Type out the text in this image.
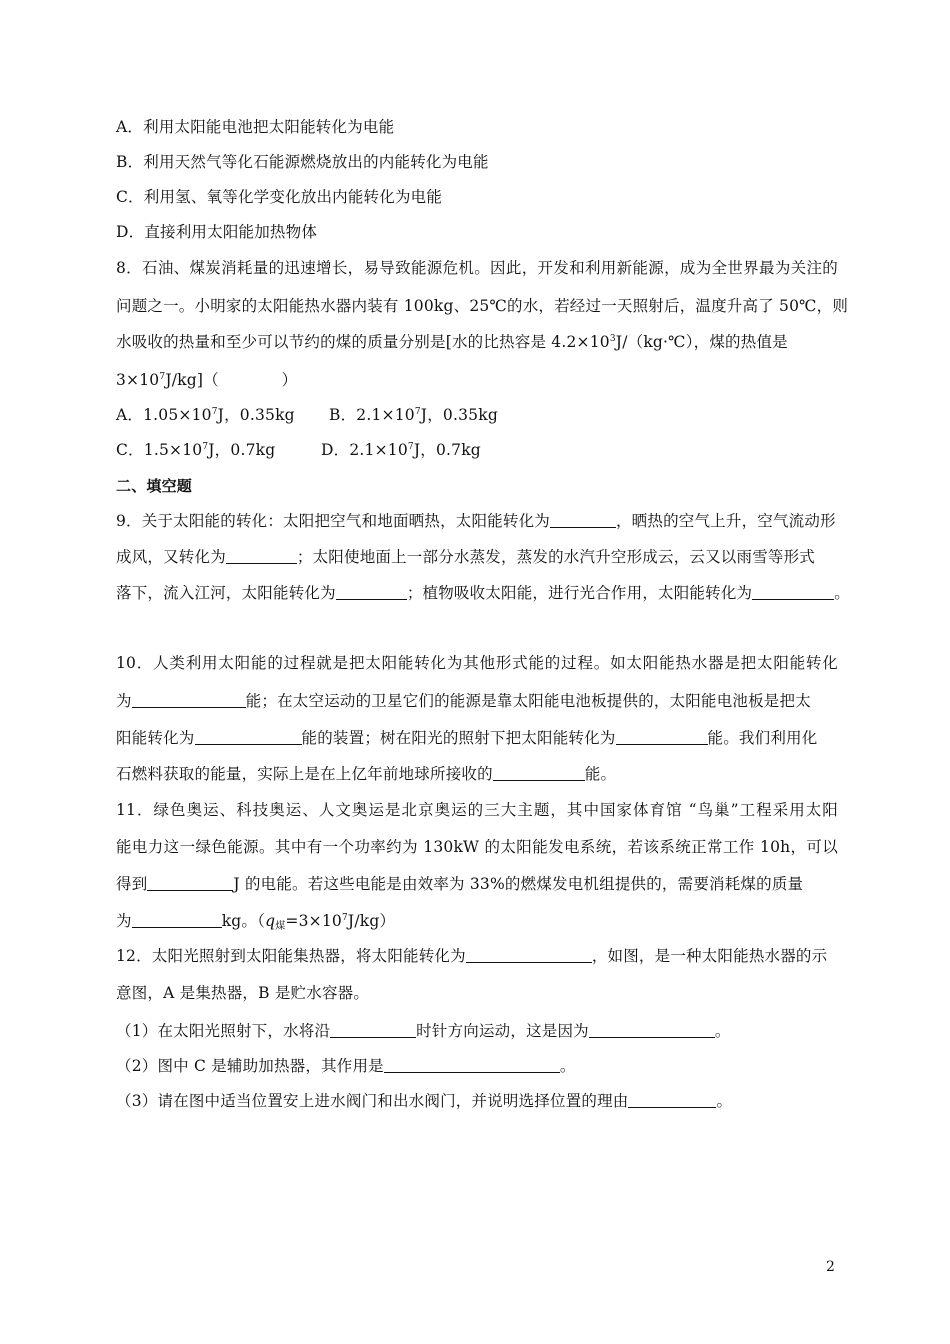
A．利用太阳能电池把太阳能转化为电能
B．利用天然气等化石能源燃烧放出的内能转化为电能
C．利用氢、氧等化学变化放出内能转化为电能
D．直接利用太阳能加热物体
8．石油、煤炭消耗量的迅速增长，易导致能源危机。因此，开发和利用新能源，成为全世界最为关注的
问题之一。小明家的太阳能热水器内装有 100kg、25℃的水，若经过一天照射后，温度升高了 50℃，则
水吸收的热量和至少可以节约的煤的质量分别是[水的比热容是 $4.2\times 10^3J/(kg\cdot℃)$，煤的热值是
$3\times 10^7J/kg$]（　　　　）
A．$1.05\times 10^7J$，0.35kg B．$2.1\times 10^7J$，0.35kg
C．$1.5\times 10^7J$，0.7kg	D．$2.1\times 10^7J$，0.7kg
二、填空题
9．关于太阳能的转化：太阳把空气和地面晒热，太阳能转化为	，晒热的空气上升，空气流动形
成风，又转化为	；太阳使地面上一部分水蒸发，蒸发的水汽升空形成云，云又以雨雪等形式
落下，流入江河，太阳能转化为	；植物吸收太阳能，进行光合作用，太阳能转化为	。
10．人类利用太阳能的过程就是把太阳能转化为其他形式能的过程。如太阳能热水器是把太阳能转化
为	能；在太空运动的卫星它们的能源是靠太阳能电池板提供的，太阳能电池板是把太
阳能转化为	能的装置；树在阳光的照射下把太阳能转化为	能。我们利用化
石燃料获取的能量，实际上是在上亿年前地球所接收的	能。
11．绿色奥运、科技奥运、人文奥运是北京奥运的三大主题，其中国家体育馆 “鸟巢”工程采用太阳
能电力这一绿色能源。其中有一个功率约为 130kW 的太阳能发电系统，若该系统正常工作 10h，可以
得到	J 的电能。若这些电能是由效率为 33%的燃煤发电机组提供的，需要消耗煤的质量
为	kg。（q煤$=3\times 10^7J/kg$）
12．太阳光照射到太阳能集热器，将太阳能转化为	，如图，是一种太阳能热水器的示
意图，A 是集热器，B 是贮水容器。
（1）在太阳光照射下，水将沿	时针方向运动，这是因为	。
（2）图中 C 是辅助加热器，其作用是	。
（3）请在图中适当位置安上进水阀门和出水阀门，并说明选择位置的理由	。
2
